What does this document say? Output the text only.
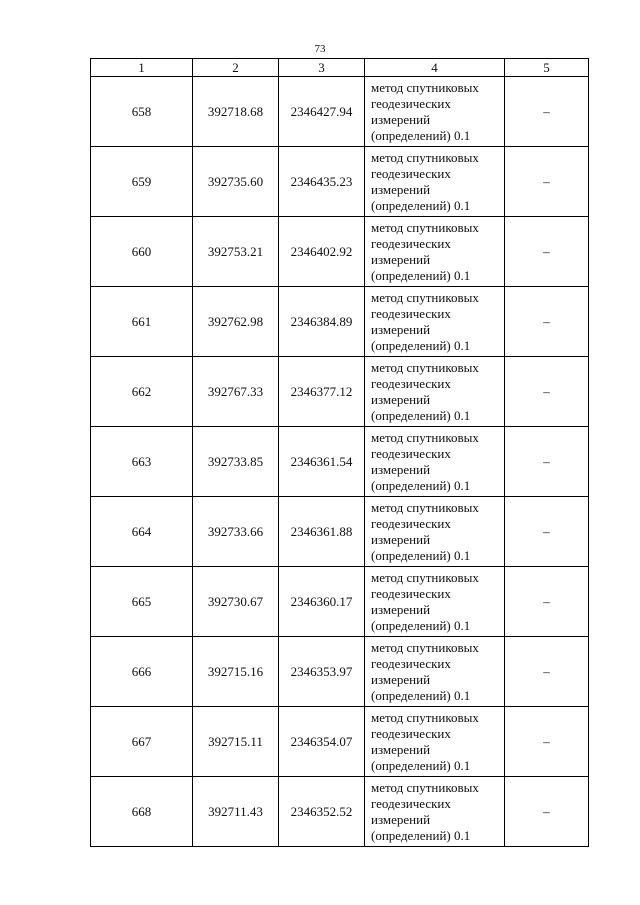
73
1	2	3	4	5
658	392718.68	2346427.94	метод спутниковых
геодезических
измерений
(определений) 0.1	–
659	392735.60	2346435.23	метод спутниковых
геодезических
измерений
(определений) 0.1	–
660	392753.21	2346402.92	метод спутниковых
геодезических
измерений
(определений) 0.1	–
661	392762.98	2346384.89	метод спутниковых
геодезических
измерений
(определений) 0.1	–
662	392767.33	2346377.12	метод спутниковых
геодезических
измерений
(определений) 0.1	–
663	392733.85	2346361.54	метод спутниковых
геодезических
измерений
(определений) 0.1	–
664	392733.66	2346361.88	метод спутниковых
геодезических
измерений
(определений) 0.1	–
665	392730.67	2346360.17	метод спутниковых
геодезических
измерений
(определений) 0.1	–
666	392715.16	2346353.97	метод спутниковых
геодезических
измерений
(определений) 0.1	–
667	392715.11	2346354.07	метод спутниковых
геодезических
измерений
(определений) 0.1	–
668	392711.43	2346352.52	метод спутниковых
геодезических
измерений
(определений) 0.1	–
